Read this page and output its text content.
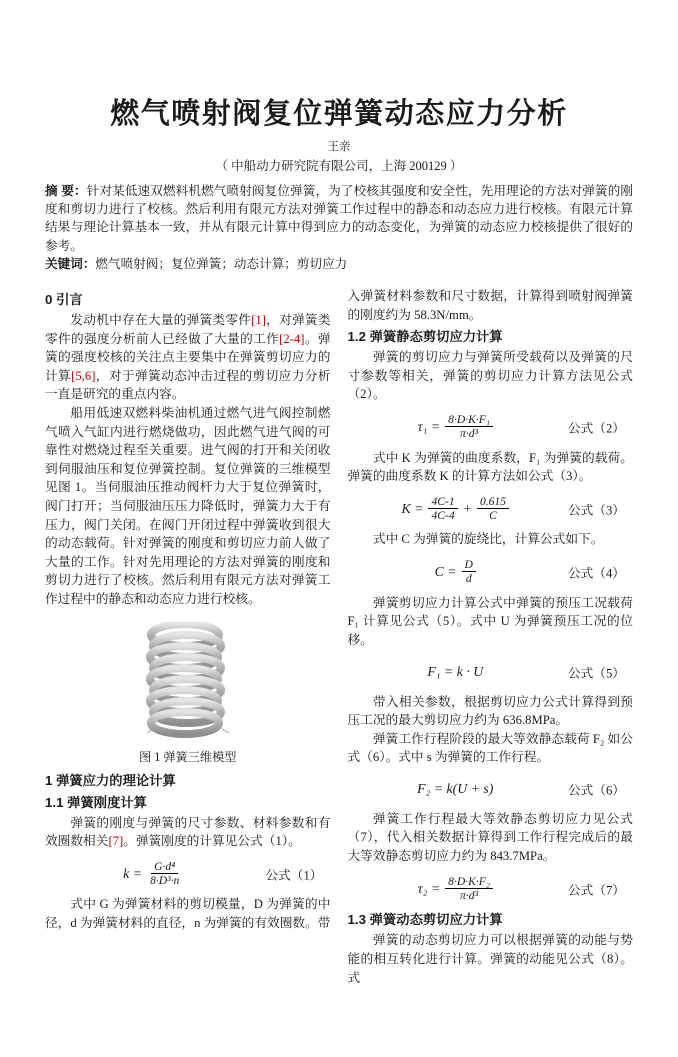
燃气喷射阀复位弹簧动态应力分析
王亲
（ 中船动力研究院有限公司，上海 200129 ）

摘 要：针对某低速双燃料机燃气喷射阀复位弹簧，为了校核其强度和安全性，先用理论的方法对弹簧的刚度和剪切力进行了校核。然后利用有限元方法对弹簧工作过程中的静态和动态应力进行校核。有限元计算结果与理论计算基本一致，并从有限元计算中得到应力的动态变化，为弹簧的动态应力校核提供了很好的参考。

关键词：燃气喷射阀；复位弹簧；动态计算；剪切应力

0 引言

发动机中存在大量的弹簧类零件[1]，对弹簧类零件的强度分析前人已经做了大量的工作[2-4]。弹簧的强度校核的关注点主要集中在弹簧剪切应力的计算[5,6]，对于弹簧动态冲击过程的剪切应力分析一直是研究的重点内容。

船用低速双燃料柴油机通过燃气进气阀控制燃气喷入气缸内进行燃烧做功，因此燃气进气阀的可靠性对燃烧过程至关重要。进气阀的打开和关闭收到伺服油压和复位弹簧控制。复位弹簧的三维模型见图 1。当伺服油压推动阀杆力大于复位弹簧时，阀门打开；当伺服油压压力降低时，弹簧力大于有压力，阀门关闭。在阀门开闭过程中弹簧收到很大的动态载荷。针对弹簧的刚度和剪切应力前人做了大量的工作。针对先用理论的方法对弹簧的刚度和剪切力进行了校核。然后利用有限元方法对弹簧工作过程中的静态和动态应力进行校核。

图 1 弹簧三维模型
1 弹簧应力的理论计算
1.1 弹簧刚度计算

弹簧的刚度与弹簧的尺寸参数、材料参数和有效圈数相关[7]。弹簧刚度的计算见公式（1）。

$k = \frac{\text{G·d⁴}}{\text{8·D³·n}}$	公式（1）

式中 G 为弹簧材料的剪切模量，D 为弹簧的中径，d 为弹簧材料的直径，n 为弹簧的有效圈数。带

入弹簧材料参数和尺寸数据，计算得到喷射阀弹簧的刚度约为 58.3N/mm。

1.2 弹簧静态剪切应力计算

弹簧的剪切应力与弹簧所受载荷以及弹簧的尺寸参数等相关，弹簧的剪切应力计算方法见公式（2）。

$\tau_1 = \frac{\text{8·D·K·F₁}}{\text{π·d³}}$	公式（2）

式中 K 为弹簧的曲度系数，F₁ 为弹簧的载荷。弹簧的曲度系数 K 的计算方法如公式（3）。

$K = \frac{4C-1}{4C-4} + \frac{0.615}{C}$	公式（3）

式中 C 为弹簧的旋绕比，计算公式如下。

$C = \frac{D}{d}$	公式（4）

弹簧剪切应力计算公式中弹簧的预压工况载荷 F₁ 计算见公式（5）。式中 U 为弹簧预压工况的位移。

F₁ = k · U	公式（5）

带入相关参数，根据剪切应力公式计算得到预压工况的最大剪切应力约为 636.8MPa。

弹簧工作行程阶段的最大等效静态载荷 F₂ 如公式（6）。式中 s 为弹簧的工作行程。

F₂ = k(U + s)	公式（6）

弹簧工作行程最大等效静态剪切应力见公式（7），代入相关数据计算得到工作行程完成后的最大等效静态剪切应力约为 843.7MPa。

$\tau_2 = \frac{\text{8·D·K·F₂}}{\text{π·d³}}$	公式（7）
1.3 弹簧动态剪切应力计算

弹簧的动态剪切应力可以根据弹簧的动能与势能的相互转化进行计算。弹簧的动能见公式（8）。式
